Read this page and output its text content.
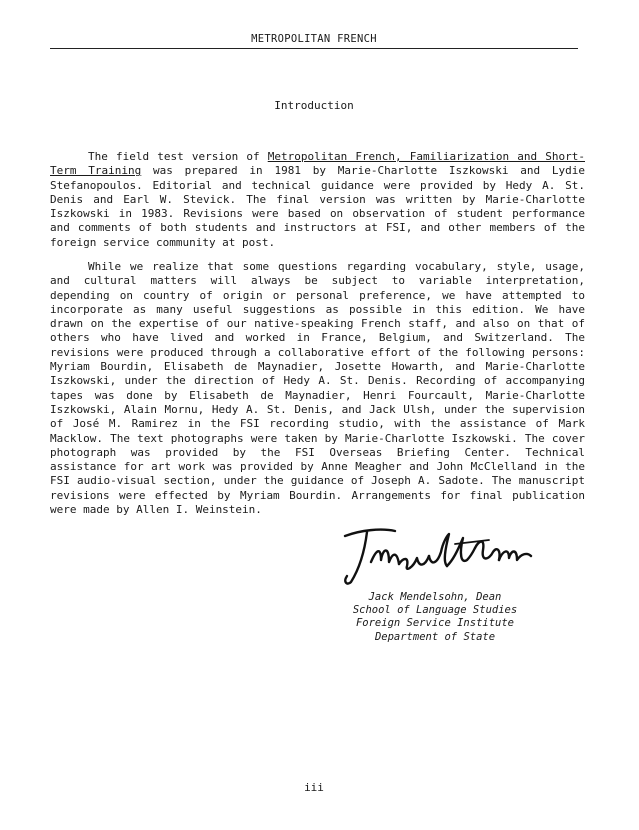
METROPOLITAN FRENCH
Introduction

The field test version of Metropolitan French, Familiarization and Short-Term Training was prepared in 1981 by Marie-Charlotte Iszkowski and Lydie Stefanopoulos. Editorial and technical guidance were provided by Hedy A. St. Denis and Earl W. Stevick. The final version was written by Marie-Charlotte Iszkowski in 1983. Revisions were based on observation of student performance and comments of both students and instructors at FSI, and other members of the foreign service community at post.

While we realize that some questions regarding vocabulary, style, usage, and cultural matters will always be subject to variable interpretation, depending on country of origin or personal preference, we have attempted to incorporate as many useful suggestions as possible in this edition. We have drawn on the expertise of our native-speaking French staff, and also on that of others who have lived and worked in France, Belgium, and Switzerland. The revisions were produced through a collaborative effort of the following persons: Myriam Bourdin, Elisabeth de Maynadier, Josette Howarth, and Marie-Charlotte Iszkowski, under the direction of Hedy A. St. Denis. Recording of accompanying tapes was done by Elisabeth de Maynadier, Henri Fourcault, Marie-Charlotte Iszkowski, Alain Mornu, Hedy A. St. Denis, and Jack Ulsh, under the supervision of José M. Ramirez in the FSI recording studio, with the assistance of Mark Macklow. The text photographs were taken by Marie-Charlotte Iszkowski. The cover photograph was provided by the FSI Overseas Briefing Center. Technical assistance for art work was provided by Anne Meagher and John McClelland in the FSI audio-visual section, under the guidance of Joseph A. Sadote. The manuscript revisions were effected by Myriam Bourdin. Arrangements for final publication were made by Allen I. Weinstein.

Jack Mendelsohn, Dean
School of Language Studies
Foreign Service Institute
Department of State
iii
